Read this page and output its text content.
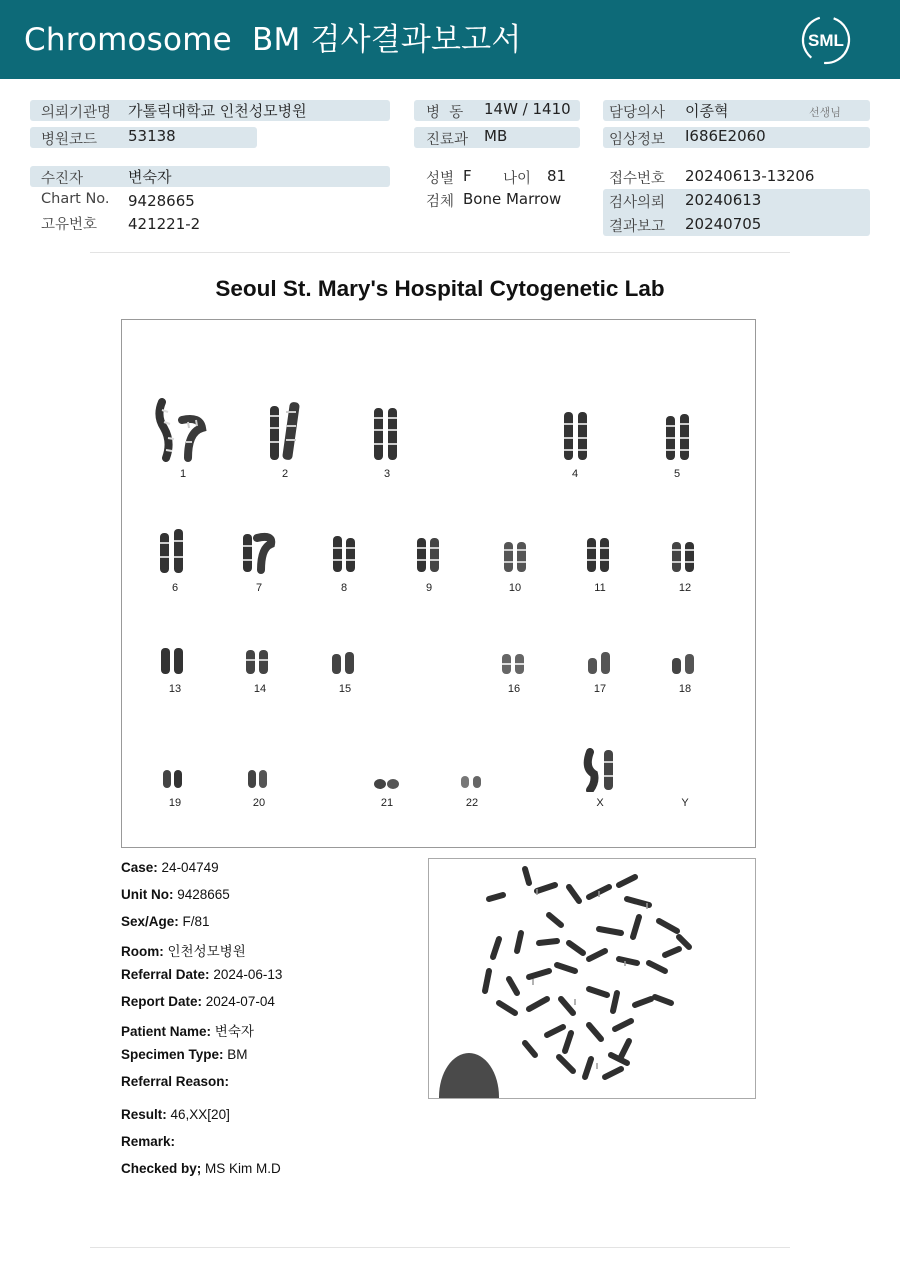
Chromosome  BM 검사결과보고서	SML
의뢰기관명 가톨릭대학교 인천성모병원
병원코드 53138
수진자	변숙자
Chart No. 9428665
고유번호 421221-2
병  동 14W / 1410
진료과 MB
성별 F 나이 81
검체 Bone Marrow
담당의사 이종혁	선생님
임상정보 I686E2060
접수번호 20240613-13206
검사의뢰 20240613
결과보고 20240705
Seoul St. Mary's Hospital Cytogenetic Lab
1	2	3	4	5
6	7	8	9	10	11	12
13	14	15	16	17	18
19	20	21	22	X	Y
Case: 24-04749
Unit No: 9428665
Sex/Age: F/81
Room: 인천성모병원
Referral Date: 2024-06-13
Report Date: 2024-07-04
Patient Name: 변숙자
Specimen Type: BM
Referral Reason:
Result: 46,XX[20]
Remark:
Checked by; MS Kim M.D
